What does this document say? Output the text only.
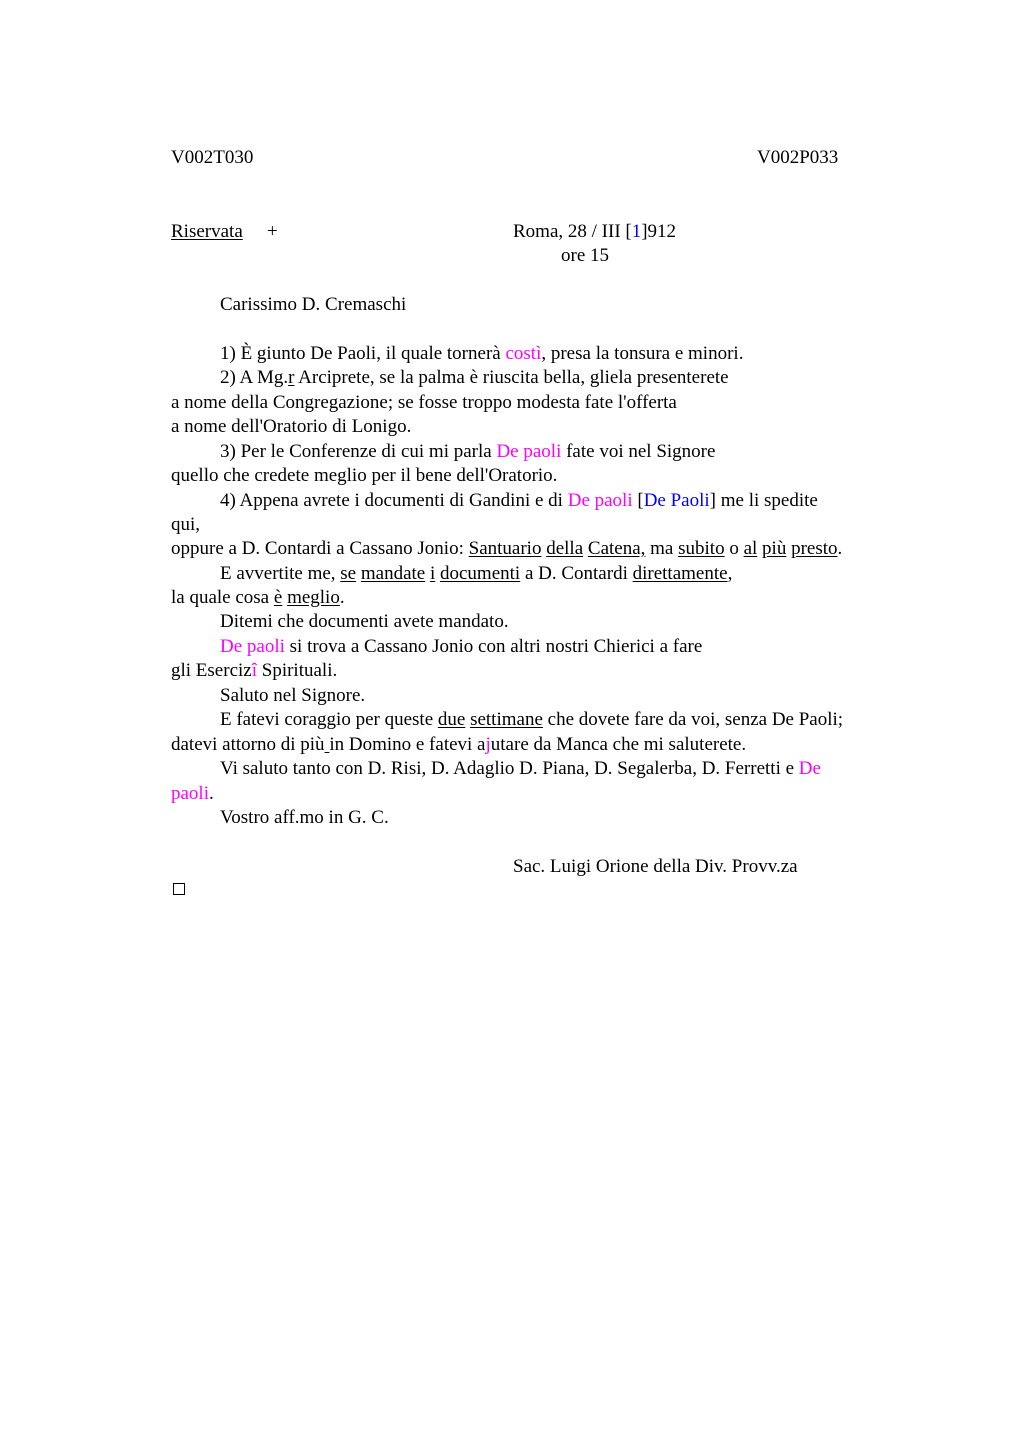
V002T030	V002P033
Riservata +	Roma, 28 / III [1]912
ore 15
Carissimo D. Cremaschi
1) È giunto De Paoli, il quale tornerà costì, presa la tonsura e minori.
2) A Mg.r Arciprete, se la palma è riuscita bella, gliela presenterete
a nome della Congregazione; se fosse troppo modesta fate l'offerta
a nome dell'Oratorio di Lonigo.
3) Per le Conferenze di cui mi parla De paoli fate voi nel Signore
quello che credete meglio per il bene dell'Oratorio.
4) Appena avrete i documenti di Gandini e di De paoli [De Paoli] me li spedite
qui,
oppure a D. Contardi a Cassano Jonio: Santuario della Catena, ma subito o al più presto.
E avvertite me, se mandate i documenti a D. Contardi direttamente,
la quale cosa è meglio.
Ditemi che documenti avete mandato.
De paoli si trova a Cassano Jonio con altri nostri Chierici a fare
gli Esercizî Spirituali.
Saluto nel Signore.
E fatevi coraggio per queste due settimane che dovete fare da voi, senza De Paoli;
datevi attorno di più in Domino e fatevi ajutare da Manca che mi saluterete.
Vi saluto tanto con D. Risi, D. Adaglio D. Piana, D. Segalerba, D. Ferretti e De
paoli.
Vostro aff.mo in G. C.
Sac. Luigi Orione della Div. Provv.za
